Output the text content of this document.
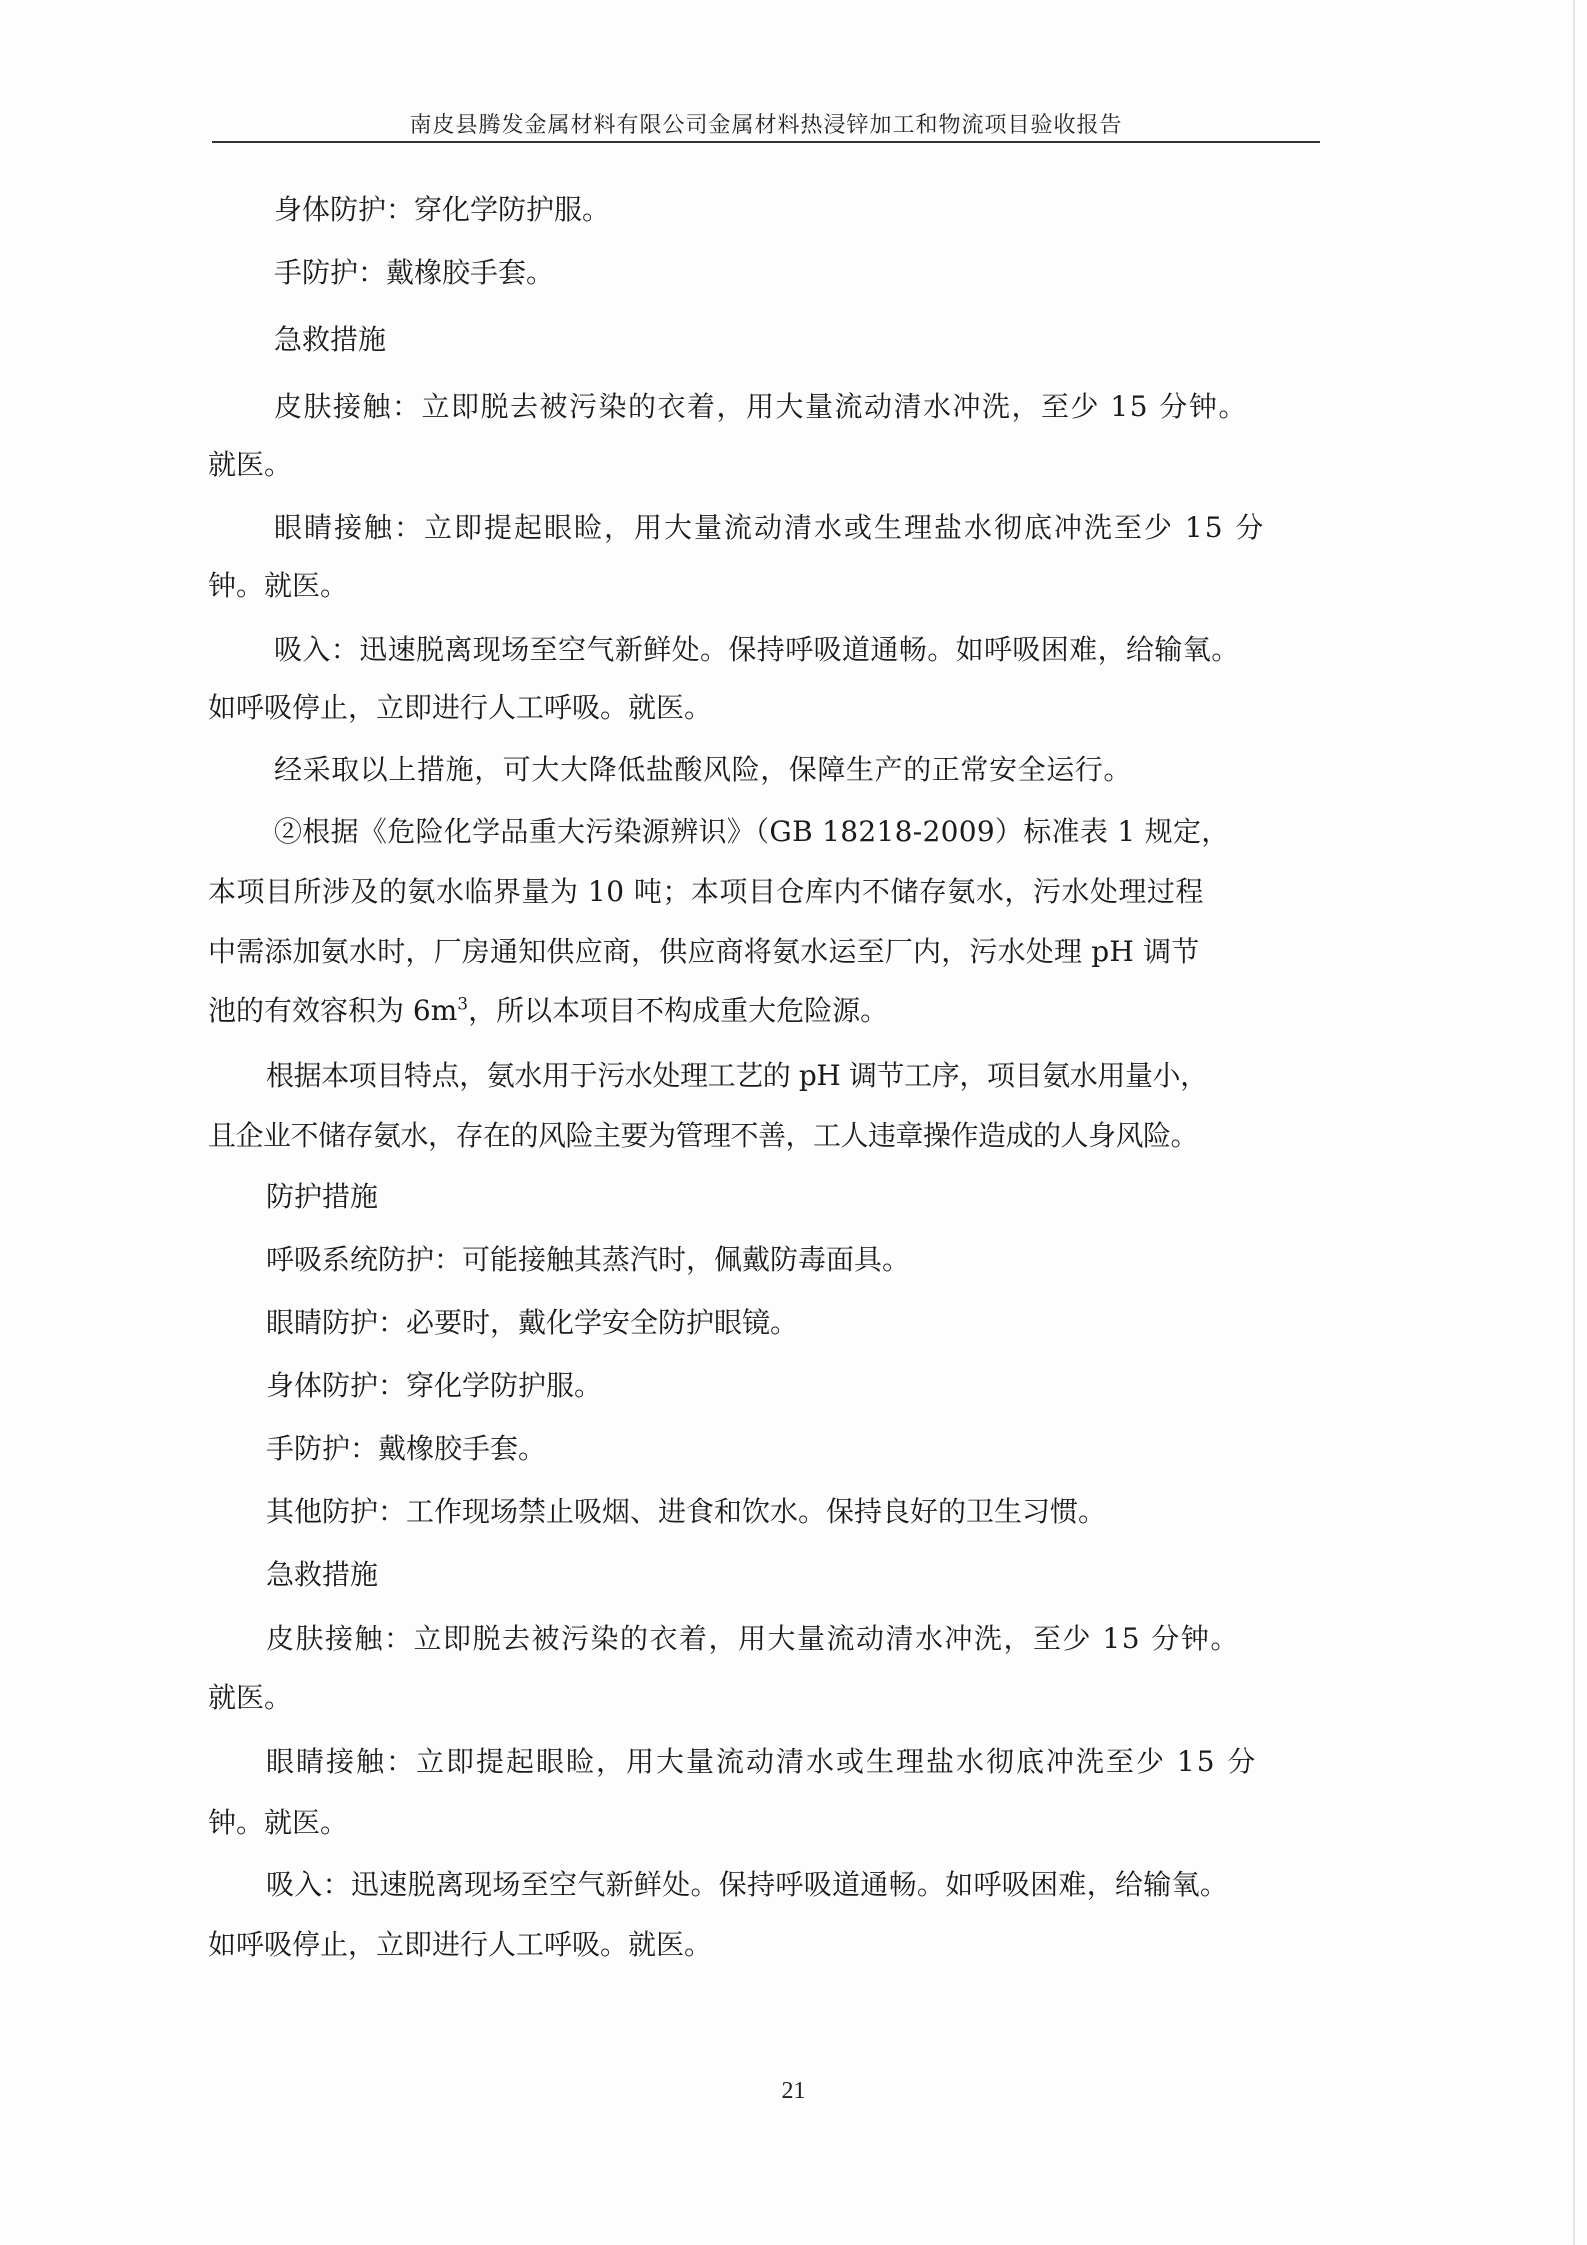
南皮县腾发金属材料有限公司金属材料热浸锌加工和物流项目验收报告
身体防护：穿化学防护服。
手防护：戴橡胶手套。
急救措施
皮肤接触：立即脱去被污染的衣着，用大量流动清水冲洗，至少 15 分钟。
就医。
眼睛接触：立即提起眼睑，用大量流动清水或生理盐水彻底冲洗至少 15 分
钟。就医。
吸入：迅速脱离现场至空气新鲜处。保持呼吸道通畅。如呼吸困难，给输氧。
如呼吸停止，立即进行人工呼吸。就医。
经采取以上措施，可大大降低盐酸风险，保障生产的正常安全运行。
②根据《危险化学品重大污染源辨识》（GB 18218-2009）标准表 1 规定，
本项目所涉及的氨水临界量为 10 吨；本项目仓库内不储存氨水，污水处理过程
中需添加氨水时，厂房通知供应商，供应商将氨水运至厂内，污水处理 pH 调节
池的有效容积为 $6m^3$，所以本项目不构成重大危险源。
根据本项目特点，氨水用于污水处理工艺的 pH 调节工序，项目氨水用量小，
且企业不储存氨水，存在的风险主要为管理不善，工人违章操作造成的人身风险。
防护措施
呼吸系统防护：可能接触其蒸汽时，佩戴防毒面具。
眼睛防护：必要时，戴化学安全防护眼镜。
身体防护：穿化学防护服。
手防护：戴橡胶手套。
其他防护：工作现场禁止吸烟、进食和饮水。保持良好的卫生习惯。
急救措施
皮肤接触：立即脱去被污染的衣着，用大量流动清水冲洗，至少 15 分钟。
就医。
眼睛接触：立即提起眼睑，用大量流动清水或生理盐水彻底冲洗至少 15 分
钟。就医。
吸入：迅速脱离现场至空气新鲜处。保持呼吸道通畅。如呼吸困难，给输氧。
如呼吸停止，立即进行人工呼吸。就医。
21
